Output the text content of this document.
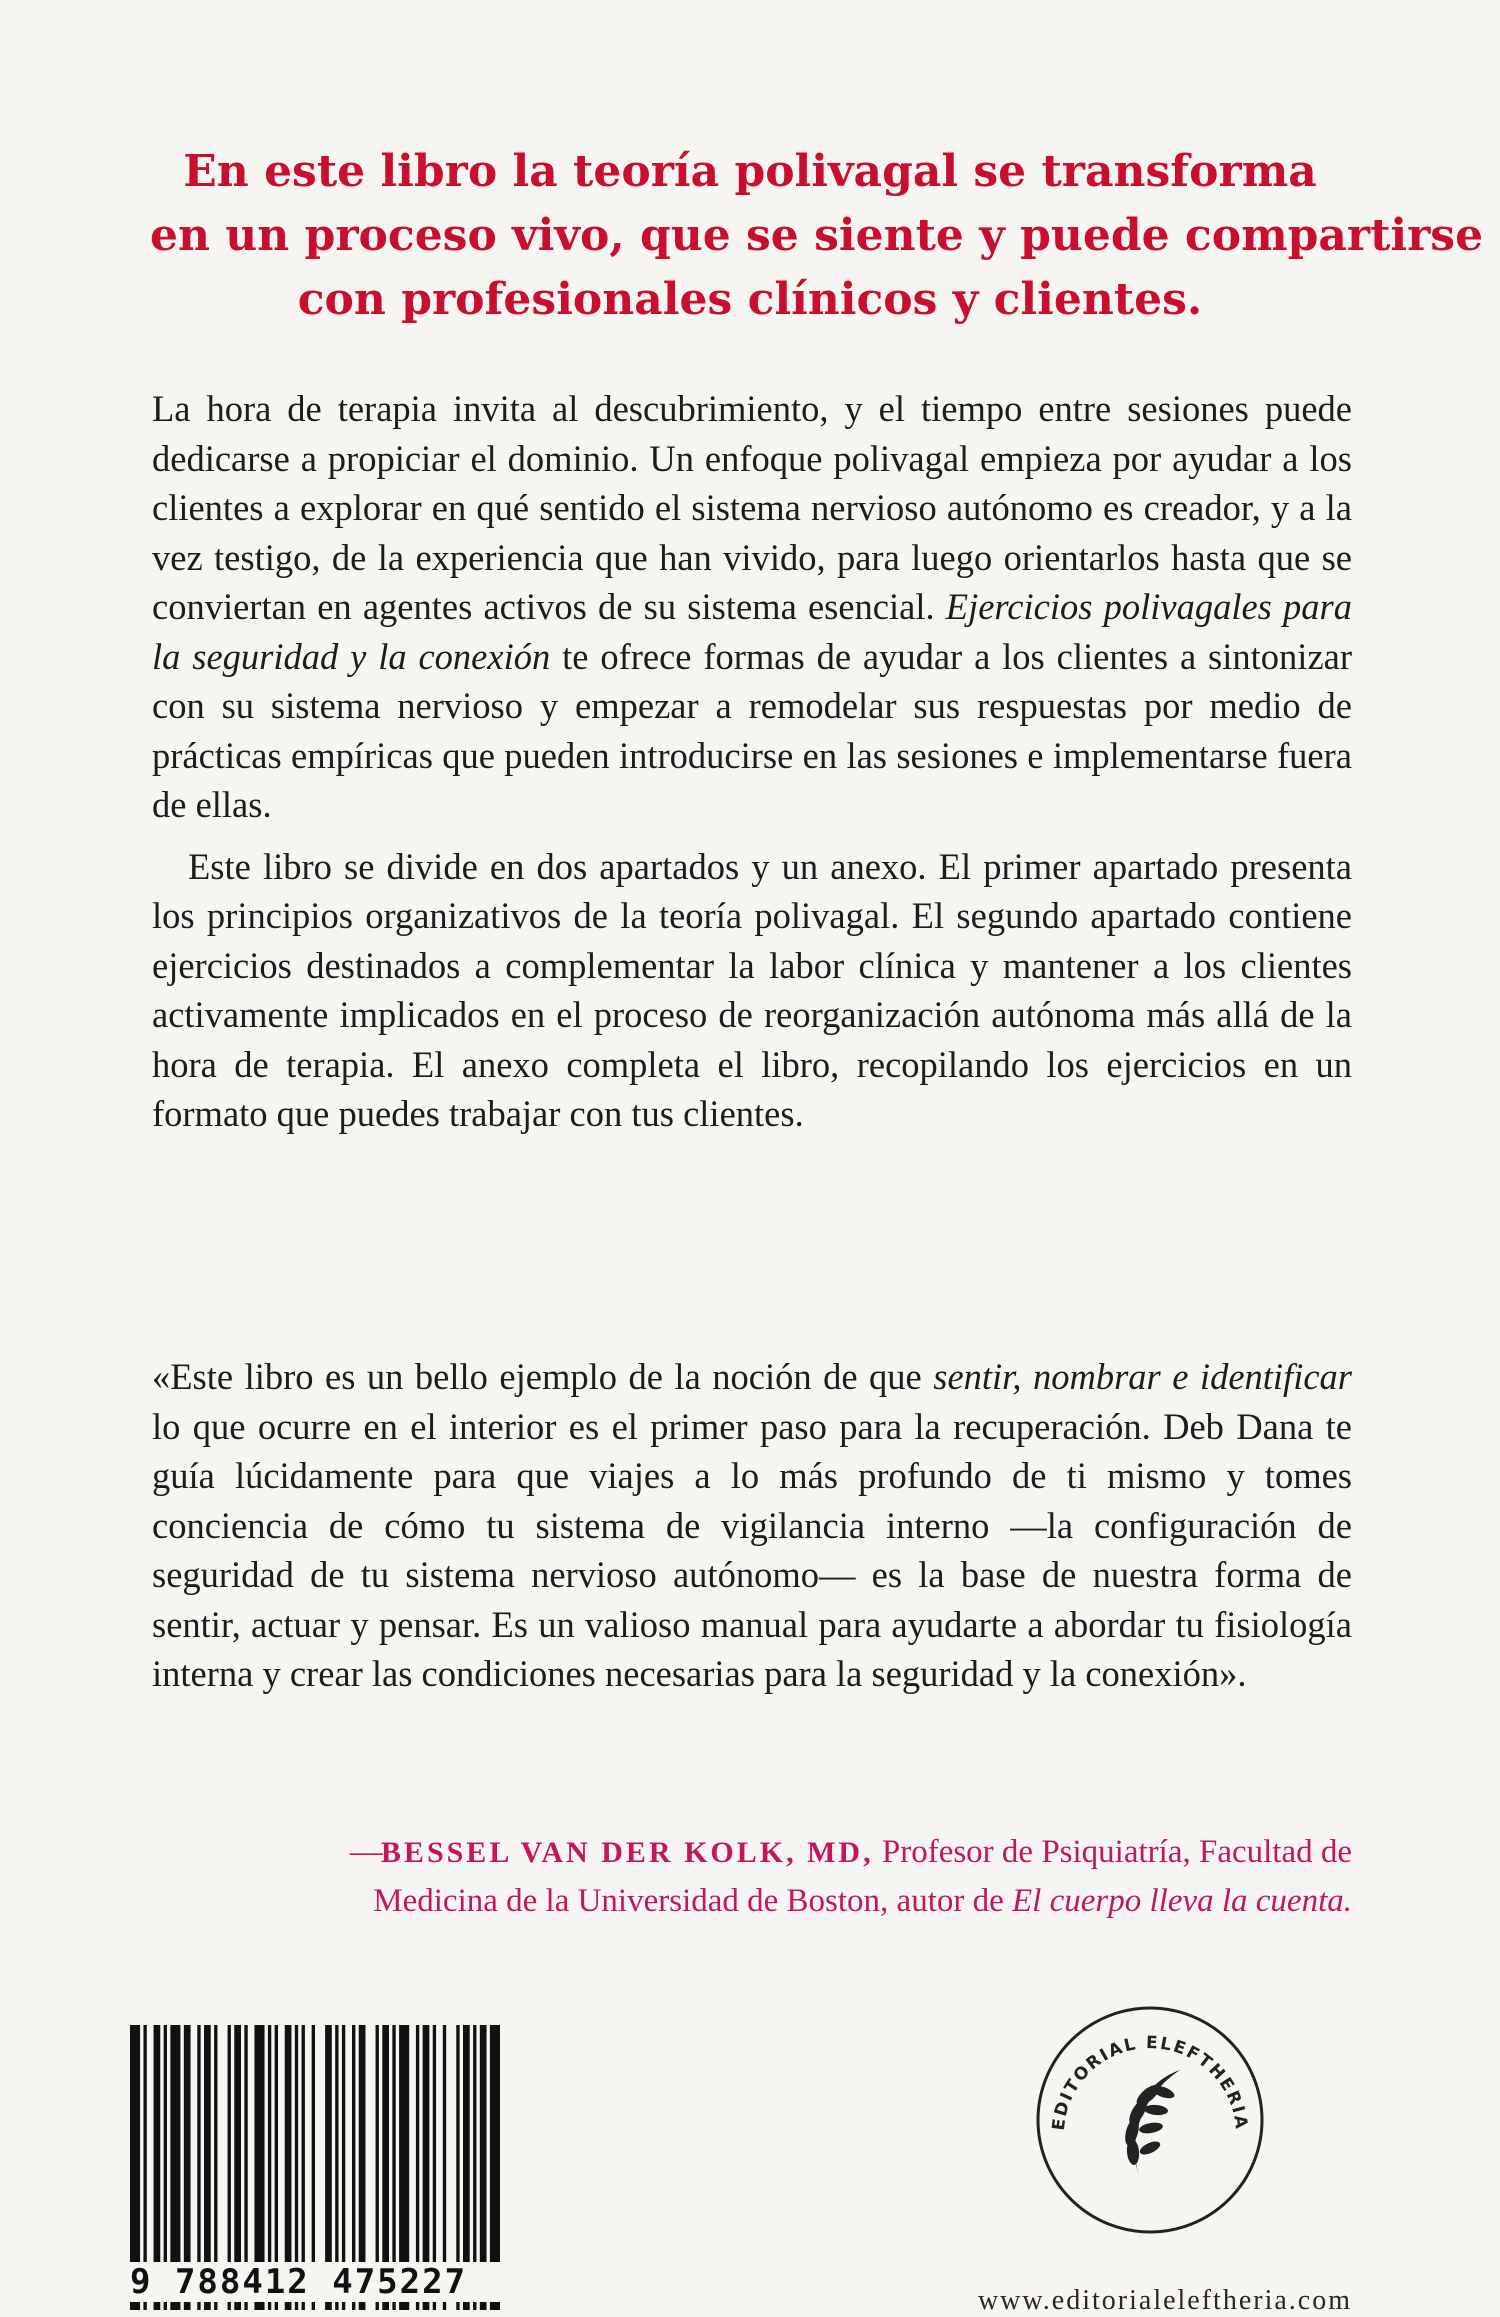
En este libro la teoría polivagal se transforma
en un proceso vivo, que se siente y puede compartirse
con profesionales clínicos y clientes.

La hora de terapia invita al descubrimiento, y el tiempo entre sesiones puede dedicarse a propiciar el dominio. Un enfoque polivagal empieza por ayudar a los clientes a explorar en qué sentido el sistema nervioso autónomo es creador, y a la vez testigo, de la experiencia que han vivido, para luego orientarlos hasta que se conviertan en agentes activos de su sistema esencial. Ejercicios polivagales para la seguridad y la conexión te ofrece formas de ayudar a los clientes a sintonizar con su sistema nervioso y empezar a remodelar sus respuestas por medio de prácticas empíricas que pueden introducirse en las sesiones e implementarse fuera de ellas.

Este libro se divide en dos apartados y un anexo. El primer apartado presenta los principios organizativos de la teoría polivagal. El segundo apartado contiene ejercicios destinados a complementar la labor clínica y mantener a los clientes activamente implicados en el proceso de reorganización autónoma más allá de la hora de terapia. El anexo completa el libro, recopilando los ejercicios en un formato que puedes trabajar con tus clientes.

«Este libro es un bello ejemplo de la noción de que sentir, nombrar e identificar lo que ocurre en el interior es el primer paso para la recuperación. Deb Dana te guía lúcidamente para que viajes a lo más profundo de ti mismo y tomes conciencia de cómo tu sistema de vigilancia interno —la configuración de seguridad de tu sistema nervioso autónomo— es la base de nuestra forma de sentir, actuar y pensar. Es un valioso manual para ayudarte a abordar tu fisiología interna y crear las condiciones necesarias para la seguridad y la conexión».

—BESSEL VAN DER KOLK, MD, Profesor de Psiquiatría, Facultad de
Medicina de la Universidad de Boston, autor de El cuerpo lleva la cuenta.
9 788412 475227
EDITORIAL ELEFTHERIA
www.editorialeleftheria.com
